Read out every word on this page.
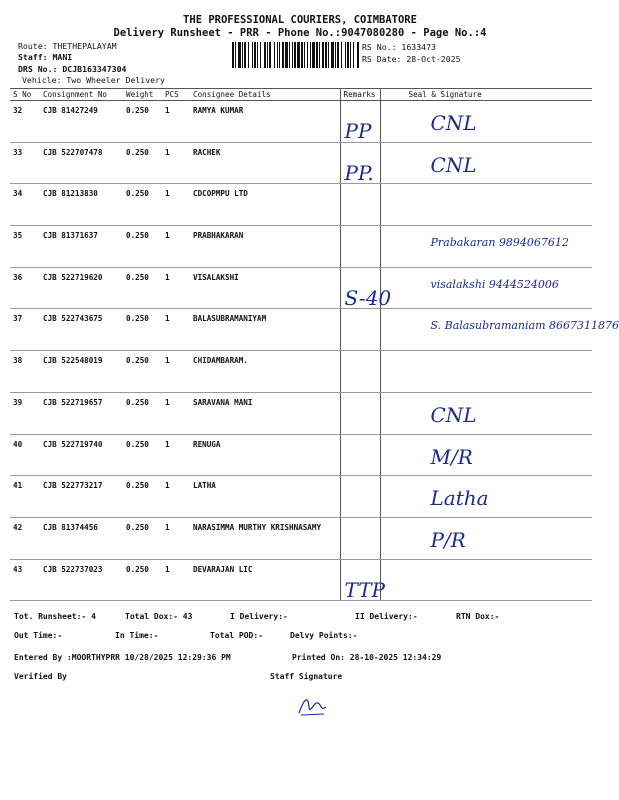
THE PROFESSIONAL COURIERS, COIMBATORE
Delivery Runsheet - PRR - Phone No.:9047080280 - Page No.:4
Route: THETHEPALAYAM
Staff: MANI
DRS No.: DCJB163347304
Vehicle: Two Wheeler Delivery
RS No.: 1633473
RS Date: 28-Oct-2025
S No	Consignment No	Weight	PCS	Consignee Details	Remarks	Seal & Signature
32	CJB 81427249	0.250	1	RAMYA KUMAR	PP	CNL

33	CJB 522707478	0.250	1	RACHEK	PP.	CNL

34	CJB 81213830	0.250	1	CDCOPMPU LTD	

35	CJB 81371637	0.250	1	PRABHAKARAN		Prabakaran 9894067612

36	CJB 522719620	0.250	1	VISALAKSHI	S-40	visalakshi 9444524006

37	CJB 522743675	0.250	1	BALASUBRAMANIYAM		S. Balasubramaniam 8667311876

38	CJB 522548019	0.250	1	CHIDAMBARAM.	

39	CJB 522719657	0.250	1	SARAVANA MANI		CNL

40	CJB 522719740	0.250	1	RENUGA		M/R

41	CJB 522773217	0.250	1	LATHA		Latha

42	CJB 81374456	0.250	1	NARASIMMA MURTHY KRISHNASAMY		P/R

43	CJB 522737023	0.250	1	DEVARAJAN LIC	TTP	

Tot. Runsheet:- 4	Total Dox:- 43	I Delivery:-	II Delivery:-	RTN Dox:-
Out Time:-	In Time:-	Total POD:-	Delvy Points:-
Entered By :MOORTHYPRR 10/28/2025 12:29:36 PM	Printed On: 28-10-2025 12:34:29
Verified By	Staff Signature
